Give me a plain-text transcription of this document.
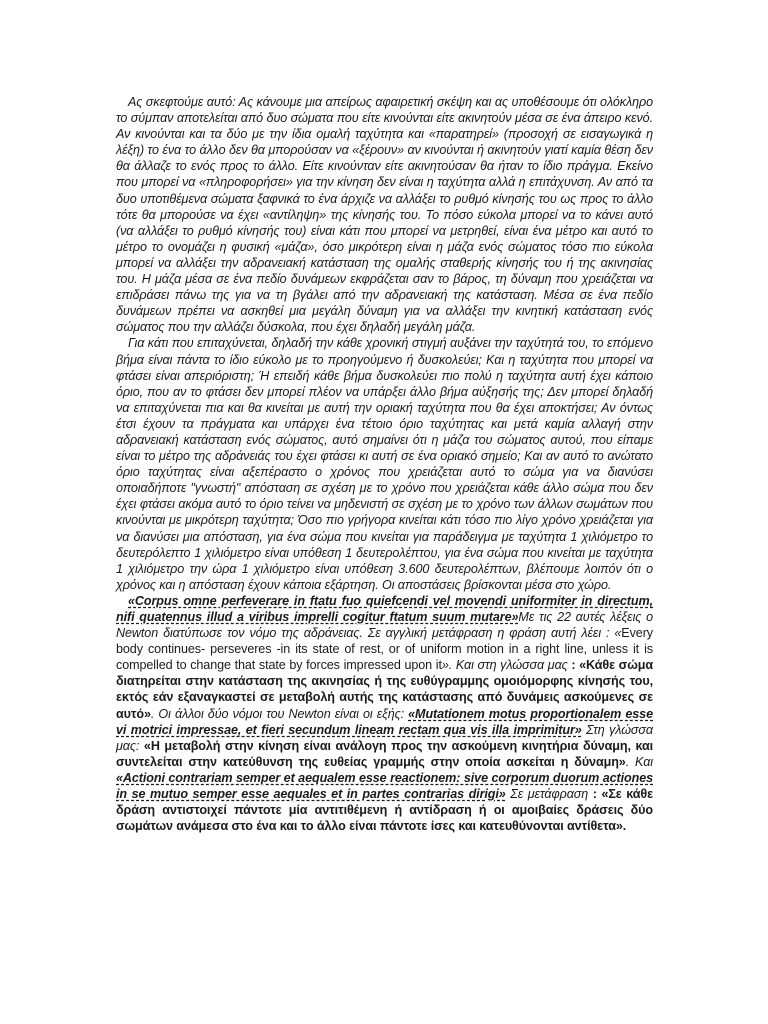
Ας σκεφτούμε αυτό: Ας κάνουμε μια απείρως αφαιρετική σκέψη και ας υποθέσουμε ότι ολόκληρο το σύμπαν αποτελείται από δυο σώματα που είτε κινούνται είτε ακινητούν μέσα σε ένα άπειρο κενό. Αν κινούνται και τα δύο με την ίδια ομαλή ταχύτητα και «παρατηρεί» (προσοχή σε εισαγωγικά η λέξη) το ένα το άλλο δεν θα μπορούσαν να «ξέρουν» αν κινούνται ή ακινητούν γιατί καμία θέση δεν θα άλλαζε το ενός προς το άλλο. Είτε κινούνταν είτε ακινητούσαν θα ήταν το ίδιο πράγμα. Εκείνο που μπορεί να «πληροφορήσει» για την κίνηση δεν είναι η ταχύτητα αλλά η επιτάχυνση. Αν από τα δυο υποτιθέμενα σώματα ξαφνικά το ένα άρχιζε να αλλάξει το ρυθμό κίνησής του ως προς το άλλο τότε θα μπορούσε να έχει «αντίληψη» της κίνησής του. Το πόσο εύκολα μπορεί να το κάνει αυτό (να αλλάξει το ρυθμό κίνησής του) είναι κάτι που μπορεί να μετρηθεί, είναι ένα μέτρο και αυτό το μέτρο το ονομάζει η φυσική «μάζα», όσο μικρότερη είναι η μάζα ενός σώματος τόσο πιο εύκολα μπορεί να αλλάξει την αδρανειακή κατάσταση της ομαλής σταθερής κίνησής του ή της ακινησίας του. Η μάζα μέσα σε ένα πεδίο δυνάμεων εκφράζεται σαν το βάρος, τη δύναμη που χρειάζεται να επιδράσει πάνω της για να τη βγάλει από την αδρανειακή της κατάσταση. Μέσα σε ένα πεδίο δυνάμεων πρέπει να ασκηθεί μια μεγάλη δύναμη για να αλλάξει την κινητική κατάσταση ενός σώματος που την αλλάζει δύσκολα, που έχει δηλαδή μεγάλη μάζα.

Για κάτι που επιταχύνεται, δηλαδή την κάθε χρονική στιγμή αυξάνει την ταχύτητά του, το επόμενο βήμα είναι πάντα το ίδιο εύκολο με το προηγούμενο ή δυσκολεύει; Και η ταχύτητα που μπορεί να φτάσει είναι απεριόριστη; Ή επειδή κάθε βήμα δυσκολεύει πιο πολύ η ταχύτητα αυτή έχει κάποιο όριο, που αν το φτάσει δεν μπορεί πλέον να υπάρξει άλλο βήμα αύξησής της; Δεν μπορεί δηλαδή να επιταχύνεται πια και θα κινείται με αυτή την οριακή ταχύτητα που θα έχει αποκτήσει; Αν όντως έτσι έχουν τα πράγματα και υπάρχει ένα τέτοιο όριο ταχύτητας και μετά καμία αλλαγή στην αδρανειακή κατάσταση ενός σώματος, αυτό σημαίνει ότι η μάζα του σώματος αυτού, που είπαμε είναι το μέτρο της αδράνειάς του έχει φτάσει κι αυτή σε ένα οριακό σημείο; Και αν αυτό το ανώτατο όριο ταχύτητας είναι αξεπέραστο ο χρόνος που χρειάζεται αυτό το σώμα για να διανύσει οποιαδήποτε "γνωστή" απόσταση σε σχέση με το χρόνο που χρειάζεται κάθε άλλο σώμα που δεν έχει φτάσει ακόμα αυτό το όριο τείνει να μηδενιστή σε σχέση με το χρόνο των άλλων σωμάτων που κινούνται με μικρότερη ταχύτητα; Όσο πιο γρήγορα κινείται κάτι τόσο πιο λίγο χρόνο χρειάζεται για να διανύσει μια απόσταση, για ένα σώμα που κινείται για παράδειγμα με ταχύτητα 1 χιλιόμετρο το δευτερόλεπτο 1 χιλιόμετρο είναι υπόθεση 1 δευτερολέπτου, για ένα σώμα που κινείται με ταχύτητα 1 χιλιόμετρο την ώρα 1 χιλιόμετρο είναι υπόθεση 3.600 δευτερολέπτων, βλέπουμε λοιπόν ότι ο χρόνος και η απόσταση έχουν κάποια εξάρτηση. Οι αποστάσεις βρίσκονται μέσα στο χώρο.

«Corpus omne perfeverare in ftatu fuo quiefcendi vel movendi uniformiter in directum, nifi quatennus illud a viribus imprelli cogitur ftatum suum mutare»Με τις 22 αυτές λέξεις ο Newton διατύπωσε τον νόμο της αδράνειας. Σε αγγλική μετάφραση η φράση αυτή λέει : «Every body continues- perseveres -in its state of rest, or of uniform motion in a right line, unless it is compelled to change that state by forces impressed upon it». Και στη γλώσσα μας : «Κάθε σώμα διατηρείται στην κατάσταση της ακινησίας ή της ευθύγραμμης ομοιόμορφης κίνησής του, εκτός εάν εξαναγκαστεί σε μεταβολή αυτής της κατάστασης από δυνάμεις ασκούμενες σε αυτό». Οι άλλοι δύο νόμοι του Newton είναι οι εξής: «Mutationem motus proportionalem esse vi motrici impressae, et fieri secundum lineam rectam qua vis illa imprimitur» Στη γλώσσα μας: «Η μεταβολή στην κίνηση είναι ανάλογη προς την ασκούμενη κινητήρια δύναμη, και συντελείται στην κατεύθυνση της ευθείας γραμμής στην οποία ασκείται η δύναμη». Και «Actioni contrariam semper et aequalem esse reactionem: sive corporum duorum actiones in se mutuo semper esse aequales et in partes contrarias dirigi» Σε μετάφραση : «Σε κάθε δράση αντιστοιχεί πάντοτε μία αντιτιθέμενη ή αντίδραση ή οι αμοιβαίες δράσεις δύο σωμάτων ανάμεσα στο ένα και το άλλο είναι πάντοτε ίσες και κατευθύνονται αντίθετα».
